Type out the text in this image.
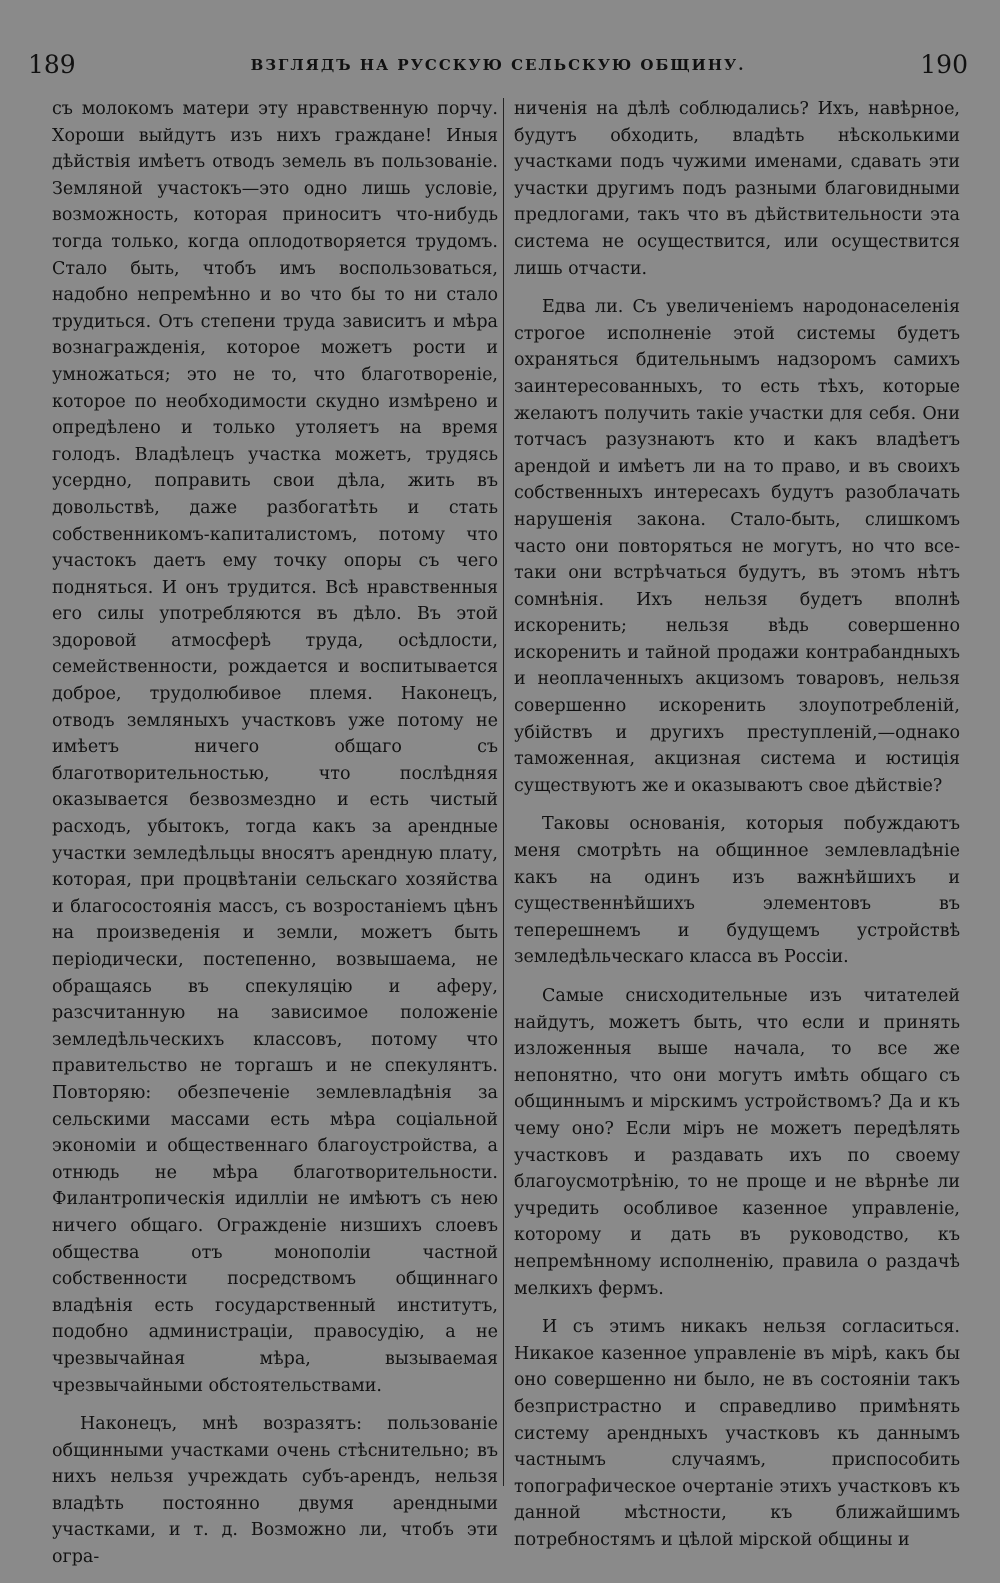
189	ВЗГЛЯДЪ НА РУССКУЮ СЕЛЬСКУЮ ОБЩИНУ.	190

съ молокомъ матери эту нравственную порчу. Хороши выйдутъ изъ нихъ граждане! Иныя дѣйствія имѣетъ отводъ земель въ пользованіе. Земляной участокъ—это одно лишь условіе, возможность, которая приноситъ что-нибудь тогда только, когда оплодотворяется трудомъ. Стало быть, чтобъ имъ воспользоваться, надобно непремѣнно и во что бы то ни стало трудиться. Отъ степени труда зависитъ и мѣра вознагражденія, которое можетъ рости и умножаться; это не то, что благотвореніе, которое по необходимости скудно измѣрено и опредѣлено и только утоляетъ на время голодъ. Владѣлецъ участка можетъ, трудясь усердно, поправить свои дѣла, жить въ довольствѣ, даже разбогатѣть и стать собственникомъ-капиталистомъ, потому что участокъ даетъ ему точку опоры съ чего подняться. И онъ трудится. Всѣ нравственныя его силы употребляются въ дѣло. Въ этой здоровой атмосферѣ труда, осѣдлости, семейственности, рождается и воспитывается доброе, трудолюбивое племя. Наконецъ, отводъ земляныхъ участковъ уже потому не имѣетъ ничего общаго съ благотворительностью, что послѣдняя оказывается безвозмездно и есть чистый расходъ, убытокъ, тогда какъ за арендные участки земледѣльцы вносятъ арендную плату, которая, при процвѣтаніи сельскаго хозяйства и благосостоянія массъ, съ возростаніемъ цѣнъ на произведенія и земли, можетъ быть періодически, постепенно, возвышаема, не обращаясь въ спекуляцію и аферу, разсчитанную на зависимое положеніе земледѣльческихъ классовъ, потому что правительство не торгашъ и не спекулянтъ. Повторяю: обезпеченіе землевладѣнія за сельскими массами есть мѣра соціальной экономіи и общественнаго благоустройства, а отнюдь не мѣра благотворительности. Филантропическія идилліи не имѣютъ съ нею ничего общаго. Огражденіе низшихъ слоевъ общества отъ монополіи частной собственности посредствомъ общиннаго владѣнія есть государственный институтъ, подобно администраціи, правосудію, а не чрезвычайная мѣра, вызываемая чрезвычайными обстоятельствами.

Наконецъ, мнѣ возразятъ: пользованіе общинными участками очень стѣснительно; въ нихъ нельзя учреждать субъ-арендъ, нельзя владѣть постоянно двумя арендными участками, и т. д. Возможно ли, чтобъ эти огра-

ниченія на дѣлѣ соблюдались? Ихъ, навѣрное, будутъ обходить, владѣть нѣсколькими участками подъ чужими именами, сдавать эти участки другимъ подъ разными благовидными предлогами, такъ что въ дѣйствительности эта система не осуществится, или осуществится лишь отчасти.

Едва ли. Съ увеличеніемъ народонаселенія строгое исполненіе этой системы будетъ охраняться бдительнымъ надзоромъ самихъ заинтересованныхъ, то есть тѣхъ, которые желаютъ получить такіе участки для себя. Они тотчасъ разузнаютъ кто и какъ владѣетъ арендой и имѣетъ ли на то право, и въ своихъ собственныхъ интересахъ будутъ разоблачать нарушенія закона. Стало-быть, слишкомъ часто они повторяться не могутъ, но что все-таки они встрѣчаться будутъ, въ этомъ нѣтъ сомнѣнія. Ихъ нельзя будетъ вполнѣ искоренить; нельзя вѣдь совершенно искоренить и тайной продажи контрабандныхъ и неоплаченныхъ акцизомъ товаровъ, нельзя совершенно искоренить злоупотребленій, убійствъ и другихъ преступленій,—однако таможенная, акцизная система и юстиція существуютъ же и оказываютъ свое дѣйствіе?

Таковы основанія, которыя побуждаютъ меня смотрѣть на общинное землевладѣніе какъ на одинъ изъ важнѣйшихъ и существеннѣйшихъ элементовъ въ теперешнемъ и будущемъ устройствѣ земледѣльческаго класса въ Россіи.

Самые снисходительные изъ читателей найдутъ, можетъ быть, что если и принять изложенныя выше начала, то все же непонятно, что они могутъ имѣть общаго съ общиннымъ и мірскимъ устройствомъ? Да и къ чему оно? Если міръ не можетъ передѣлять участковъ и раздавать ихъ по своему благоусмотрѣнію, то не проще и не вѣрнѣе ли учредить особливое казенное управленіе, которому и дать въ руководство, къ непремѣнному исполненію, правила о раздачѣ мелкихъ фермъ.

И съ этимъ никакъ нельзя согласиться. Никакое казенное управленіе въ мірѣ, какъ бы оно совершенно ни было, не въ состояніи такъ безпристрастно и справедливо примѣнять систему арендныхъ участковъ къ даннымъ частнымъ случаямъ, приспособить топографическое очертаніе этихъ участковъ къ данной мѣстности, къ ближайшимъ потребностямъ и цѣлой мірской общины и
